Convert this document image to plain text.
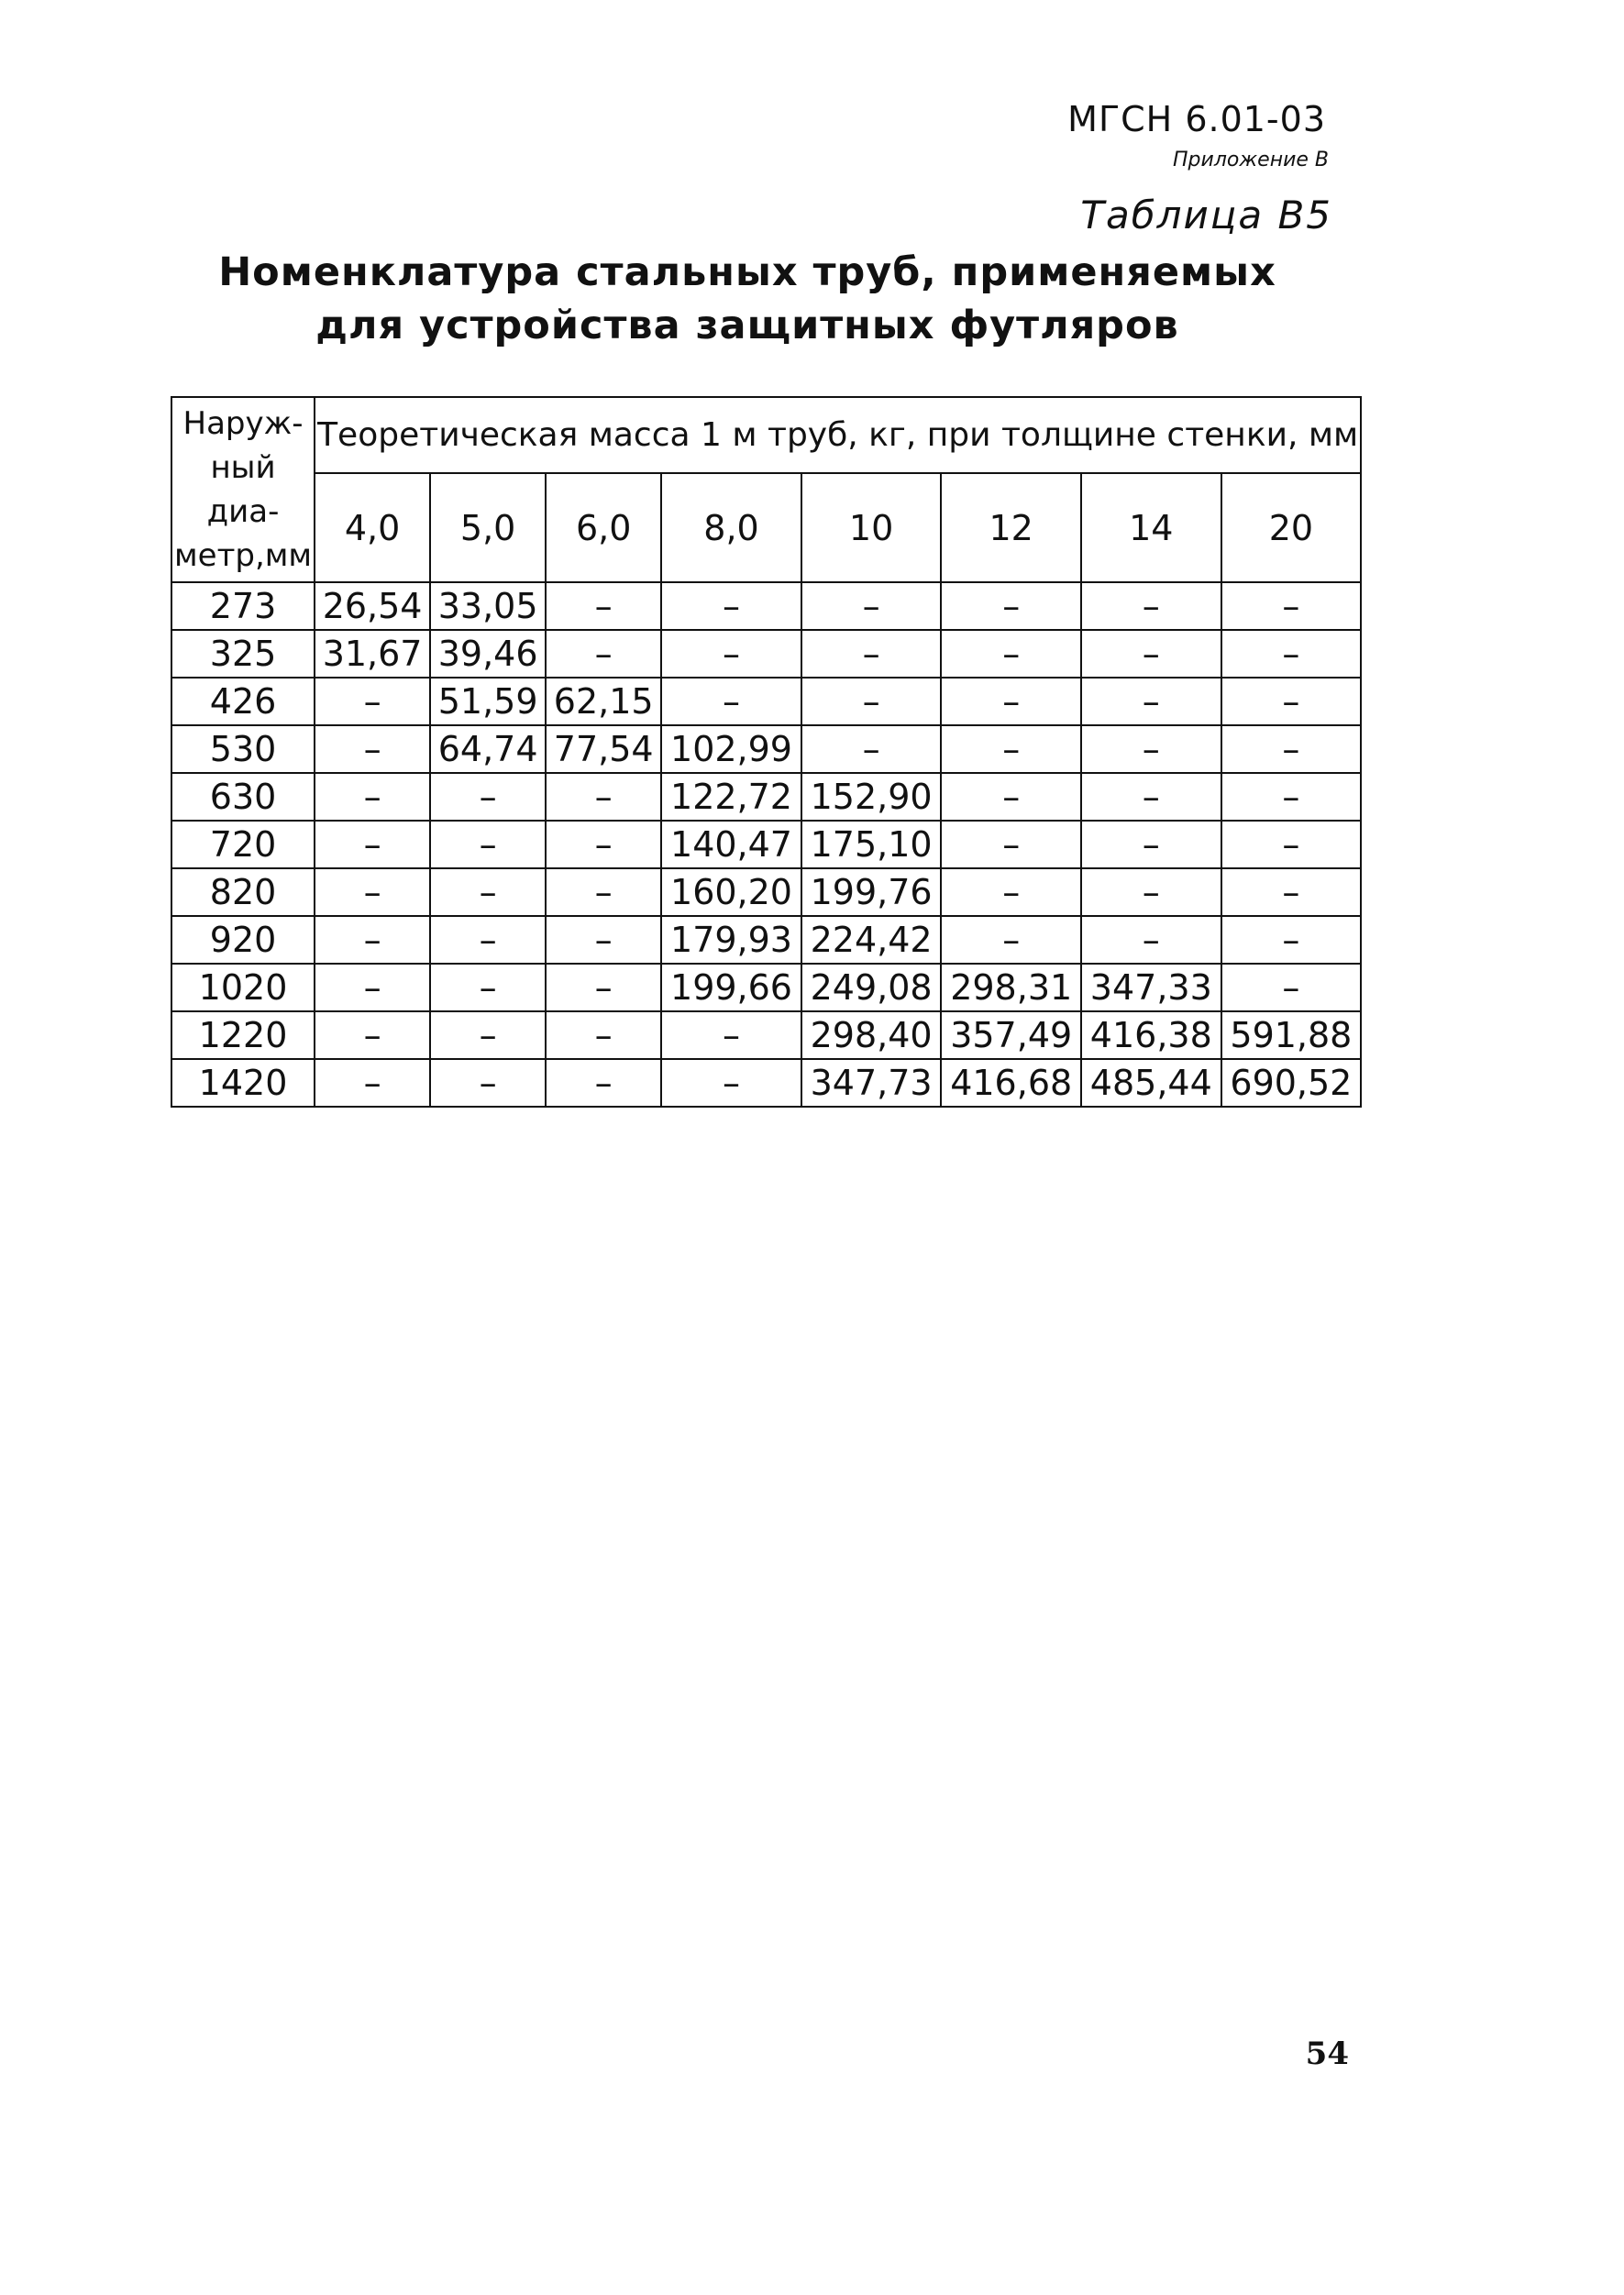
МГСН 6.01-03
Приложение В
Таблица В5
Номенклатура стальных труб, применяемых
для устройства защитных футляров
Наруж-ный диа-метр,мм	Теоретическая масса 1 м труб, кг, при толщине стенки, мм							
	4,0	5,0	6,0	8,0	10	12	14	20
273	26,54	33,05	–	–	–	–	–	–
325	31,67	39,46	–	–	–	–	–	–
426	–	51,59	62,15	–	–	–	–	–
530	–	64,74	77,54	102,99	–	–	–	–
630	–	–	–	122,72	152,90	–	–	–
720	–	–	–	140,47	175,10	–	–	–
820	–	–	–	160,20	199,76	–	–	–
920	–	–	–	179,93	224,42	–	–	–
1020	–	–	–	199,66	249,08	298,31	347,33	–
1220	–	–	–	–	298,40	357,49	416,38	591,88
1420	–	–	–	–	347,73	416,68	485,44	690,52
54
